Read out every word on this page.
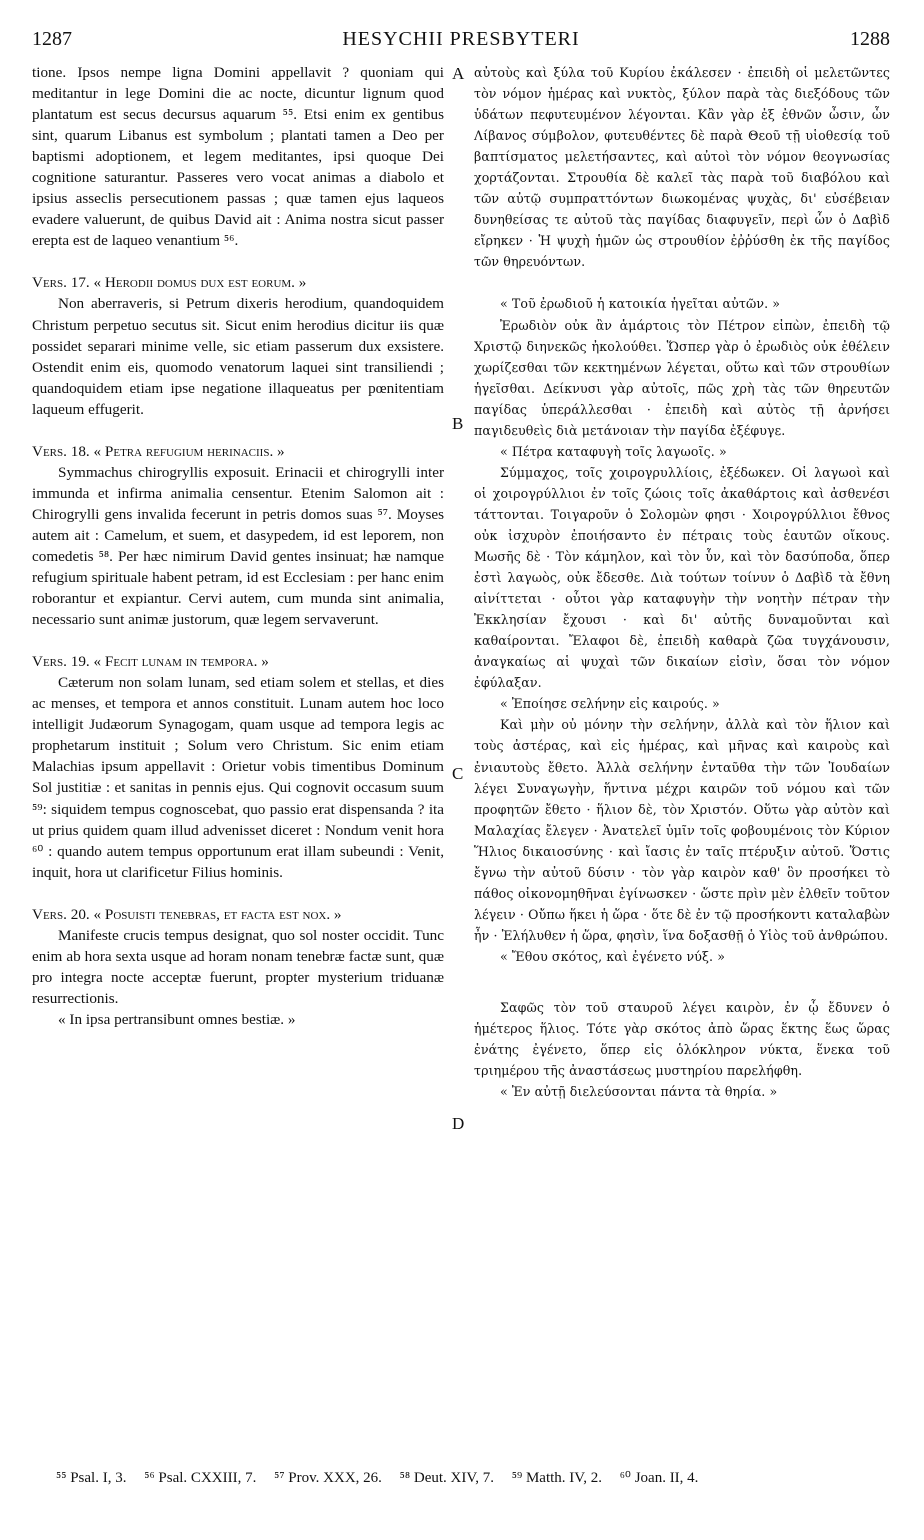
1287	HESYCHII PRESBYTERI	1288

tione. Ipsos nempe ligna Domini appellavit ? quoniam qui meditantur in lege Domini die ac nocte, dicuntur lignum quod plantatum est secus decursus aquarum ⁵⁵. Etsi enim ex gentibus sint, quarum Libanus est symbolum ; plantati tamen a Deo per baptismi adoptionem, et legem meditantes, ipsi quoque Dei cognitione saturantur. Passeres vero vocat animas a diabolo et ipsius asseclis persecutionem passas ; quæ tamen ejus laqueos evadere valuerunt, de quibus David ait : Anima nostra sicut passer erepta est de laqueo venantium ⁵⁶.

Vers. 17. « Herodii domus dux est eorum. »

Non aberraveris, si Petrum dixeris herodium, quandoquidem Christum perpetuo secutus sit. Sicut enim herodius dicitur iis quæ possidet separari minime velle, sic etiam passerum dux exsistere. Ostendit enim eis, quomodo venatorum laquei sint transiliendi ; quandoquidem etiam ipse negatione illaqueatus per pœnitentiam laqueum effugerit.

Vers. 18. « Petra refugium herinaciis. »

Symmachus chirogryllis exposuit. Erinacii et chirogrylli inter immunda et infirma animalia censentur. Etenim Salomon ait : Chirogrylli gens invalida fecerunt in petris domos suas ⁵⁷. Moyses autem ait : Camelum, et suem, et dasypedem, id est leporem, non comedetis ⁵⁸. Per hæc nimirum David gentes insinuat; hæ namque refugium spirituale habent petram, id est Ecclesiam : per hanc enim roborantur et expiantur. Cervi autem, cum munda sint animalia, necessario sunt animæ justorum, quæ legem servaverunt.

Vers. 19. « Fecit lunam in tempora. »

Cæterum non solam lunam, sed etiam solem et stellas, et dies ac menses, et tempora et annos constituit. Lunam autem hoc loco intelligit Judæorum Synagogam, quam usque ad tempora legis ac prophetarum instituit ; Solum vero Christum. Sic enim etiam Malachias ipsum appellavit : Orietur vobis timentibus Dominum Sol justitiæ : et sanitas in pennis ejus. Qui cognovit occasum suum ⁵⁹: siquidem tempus cognoscebat, quo passio erat dispensanda ? ita ut prius quidem quam illud advenisset diceret : Nondum venit hora ⁶⁰ : quando autem tempus opportunum erat illam subeundi : Venit, inquit, hora ut clarificetur Filius hominis.

Vers. 20. « Posuisti tenebras, et facta est nox. »

Manifeste crucis tempus designat, quo sol noster occidit. Tunc enim ab hora sexta usque ad horam nonam tenebræ factæ sunt, quæ pro integra nocte acceptæ fuerunt, propter mysterium triduanæ resurrectionis.

« In ipsa pertransibunt omnes bestiæ. »

A
B
C
D

αὐτοὺς καὶ ξύλα τοῦ Κυρίου ἐκάλεσεν · ἐπειδὴ οἱ μελετῶντες τὸν νόμον ἡμέρας καὶ νυκτὸς, ξύλον παρὰ τὰς διεξόδους τῶν ὑδάτων πεφυτευμένον λέγονται. Κἂν γὰρ ἐξ ἐθνῶν ὦσιν, ὧν Λίβανος σύμβολον, φυτευθέντες δὲ παρὰ Θεοῦ τῇ υἱοθεσίᾳ τοῦ βαπτίσματος μελετήσαντες, καὶ αὐτοὶ τὸν νόμον θεογνωσίας χορτάζονται. Στρουθία δὲ καλεῖ τὰς παρὰ τοῦ διαβόλου καὶ τῶν αὐτῷ συμπραττόντων διωκομένας ψυχὰς, δι' εὐσέβειαν δυνηθείσας τε αὐτοῦ τὰς παγίδας διαφυγεῖν, περὶ ὧν ὁ Δαβὶδ εἴρηκεν · Ἡ ψυχὴ ἡμῶν ὡς στρουθίον ἐῤῥύσθη ἐκ τῆς παγίδος τῶν θηρευόντων.

« Τοῦ ἐρωδιοῦ ἡ κατοικία ἡγεῖται αὐτῶν. »

Ἐρωδιὸν οὐκ ἂν ἁμάρτοις τὸν Πέτρον εἰπὼν, ἐπειδὴ τῷ Χριστῷ διηνεκῶς ἠκολούθει. Ὥσπερ γὰρ ὁ ἐρωδιὸς οὐκ ἐθέλειν χωρίζεσθαι τῶν κεκτημένων λέγεται, οὕτω καὶ τῶν στρουθίων ἡγεῖσθαι. Δείκνυσι γὰρ αὐτοῖς, πῶς χρὴ τὰς τῶν θηρευτῶν παγίδας ὑπεράλλεσθαι · ἐπειδὴ καὶ αὐτὸς τῇ ἀρνήσει παγιδευθεὶς διὰ μετάνοιαν τὴν παγίδα ἐξέφυγε.

« Πέτρα καταφυγὴ τοῖς λαγωοῖς. »

Σύμμαχος, τοῖς χοιρογρυλλίοις, ἐξέδωκεν. Οἱ λαγωοὶ καὶ οἱ χοιρογρύλλιοι ἐν τοῖς ζώοις τοῖς ἀκαθάρτοις καὶ ἀσθενέσι τάττονται. Τοιγαροῦν ὁ Σολομὼν φησι · Χοιρογρύλλιοι ἔθνος οὐκ ἰσχυρὸν ἐποιήσαντο ἐν πέτραις τοὺς ἑαυτῶν οἴκους. Μωσῆς δὲ · Τὸν κάμηλον, καὶ τὸν ὗν, καὶ τὸν δασύποδα, ὅπερ ἐστὶ λαγωὸς, οὐκ ἔδεσθε. Διὰ τούτων τοίνυν ὁ Δαβὶδ τὰ ἔθνη αἰνίττεται · οὗτοι γὰρ καταφυγὴν τὴν νοητὴν πέτραν τὴν Ἐκκλησίαν ἔχουσι · καὶ δι' αὐτῆς δυναμοῦνται καὶ καθαίρονται. Ἔλαφοι δὲ, ἐπειδὴ καθαρὰ ζῶα τυγχάνουσιν, ἀναγκαίως αἱ ψυχαὶ τῶν δικαίων εἰσὶν, ὅσαι τὸν νόμον ἐφύλαξαν.

« Ἐποίησε σελήνην εἰς καιρούς. »

Καὶ μὴν οὐ μόνην τὴν σελήνην, ἀλλὰ καὶ τὸν ἥλιον καὶ τοὺς ἀστέρας, καὶ εἰς ἡμέρας, καὶ μῆνας καὶ καιροὺς καὶ ἐνιαυτοὺς ἔθετο. Ἀλλὰ σελήνην ἐνταῦθα τὴν τῶν Ἰουδαίων λέγει Συναγωγὴν, ἥντινα μέχρι καιρῶν τοῦ νόμου καὶ τῶν προφητῶν ἔθετο · ἥλιον δὲ, τὸν Χριστόν. Οὕτω γὰρ αὐτὸν καὶ Μαλαχίας ἔλεγεν · Ἀνατελεῖ ὑμῖν τοῖς φοβουμένοις τὸν Κύριον Ἥλιος δικαιοσύνης · καὶ ἴασις ἐν ταῖς πτέρυξιν αὐτοῦ. Ὅστις ἔγνω τὴν αὐτοῦ δύσιν · τὸν γὰρ καιρὸν καθ' ὃν προσήκει τὸ πάθος οἰκονομηθῆναι ἐγίνωσκεν · ὥστε πρὶν μὲν ἐλθεῖν τοῦτον λέγειν · Οὔπω ἥκει ἡ ὥρα · ὅτε δὲ ἐν τῷ προσήκοντι καταλαβὼν ἦν · Ἐλήλυθεν ἡ ὥρα, φησὶν, ἵνα δοξασθῇ ὁ Υἱὸς τοῦ ἀνθρώπου.

« Ἔθου σκότος, καὶ ἐγένετο νύξ. »

Σαφῶς τὸν τοῦ σταυροῦ λέγει καιρὸν, ἐν ᾧ ἔδυνεν ὁ ἡμέτερος ἥλιος. Τότε γὰρ σκότος ἀπὸ ὥρας ἕκτης ἕως ὥρας ἐνάτης ἐγένετο, ὅπερ εἰς ὁλόκληρον νύκτα, ἕνεκα τοῦ τριημέρου τῆς ἀναστάσεως μυστηρίου παρελήφθη.

« Ἐν αὐτῇ διελεύσονται πάντα τὰ θηρία. »

⁵⁵ Psal. I, 3. ⁵⁶ Psal. CXXIII, 7. ⁵⁷ Prov. XXX, 26. ⁵⁸ Deut. XIV, 7. ⁵⁹ Matth. IV, 2. ⁶⁰ Joan. II, 4.
